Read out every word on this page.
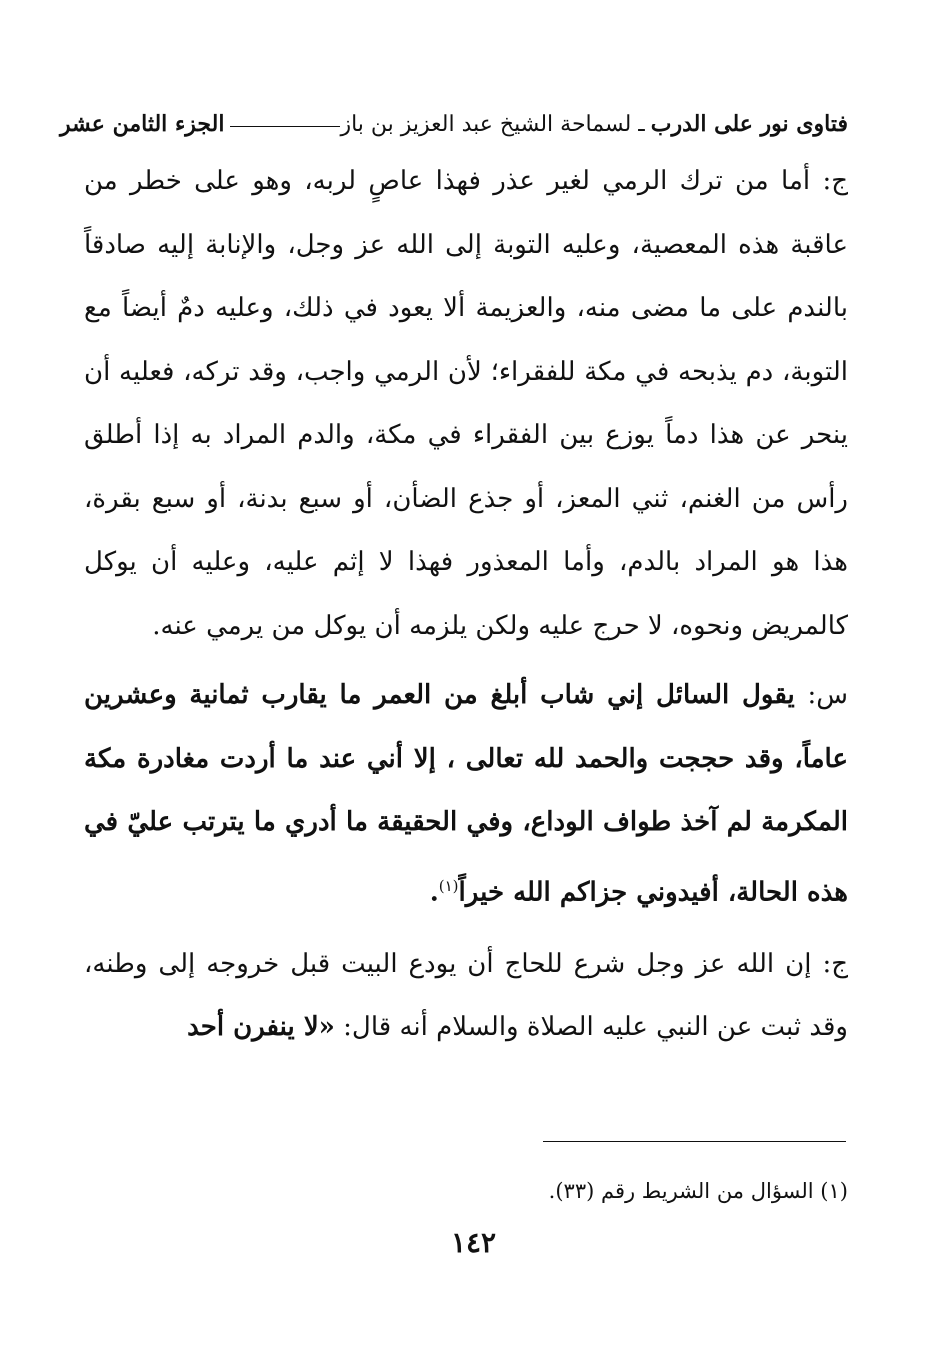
فتاوى نور على الدرب
ـ لسماحة الشيخ عبد العزيز بن باز
الجزء الثامن عشر

ج: أما من ترك الرمي لغير عذر فهذا عاصٍ لربه، وهو على خطر من عاقبة هذه المعصية، وعليه التوبة إلى الله عز وجل، والإنابة إليه صادقاً بالندم على ما مضى منه، والعزيمة ألا يعود في ذلك، وعليه دمٌ أيضاً مع التوبة، دم يذبحه في مكة للفقراء؛ لأن الرمي واجب، وقد تركه، فعليه أن ينحر عن هذا دماً يوزع بين الفقراء في مكة، والدم المراد به إذا أطلق رأس من الغنم، ثني المعز، أو جذع الضأن، أو سبع بدنة، أو سبع بقرة، هذا هو المراد بالدم، وأما المعذور فهذا لا إثم عليه، وعليه أن يوكل كالمريض ونحوه، لا حرج عليه ولكن يلزمه أن يوكل من يرمي عنه.

س: يقول السائل إني شاب أبلغ من العمر ما يقارب ثمانية وعشرين عاماً، وقد حججت والحمد لله تعالى ، إلا أني عند ما أردت مغادرة مكة المكرمة لم آخذ طواف الوداع، وفي الحقيقة ما أدري ما يترتب عليّ في هذه الحالة، أفيدوني جزاكم الله خيراً$^{(١)}$.

ج: إن الله عز وجل شرع للحاج أن يودع البيت قبل خروجه إلى وطنه، وقد ثبت عن النبي عليه الصلاة والسلام أنه قال: «لا ينفرن أحد

(١) السؤال من الشريط رقم (٣٣).
١٤٢
